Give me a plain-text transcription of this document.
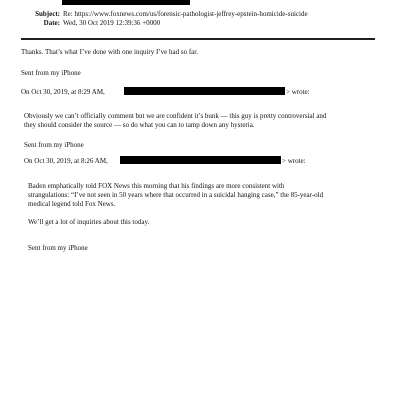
Subject: Re: https://www.foxnews.com/us/forensic-pathologist-jeffrey-epstein-homicide-suicide
Date: Wed, 30 Oct 2019 12:39:36 +0000
Thanks. That’s what I’ve done with one inquiry I’ve had so far.
Sent from my iPhone
On Oct 30, 2019, at 8:29 AM,	> wrote:
Obviously we can’t officially comment but we are confident it’s bunk — this guy is pretty controversial and
they should consider the source — so do what you can to tamp down any hysteria.
Sent from my iPhone
On Oct 30, 2019, at 8:26 AM,	> wrote:
Baden emphatically told FOX News this morning that his findings are more consistent with
strangulations: “I’ve not seen in 50 years where that occurred in a suicidal hanging case,” the 85-year-old
medical legend told Fox News.
We’ll get a lot of inquiries about this today.
Sent from my iPhone
